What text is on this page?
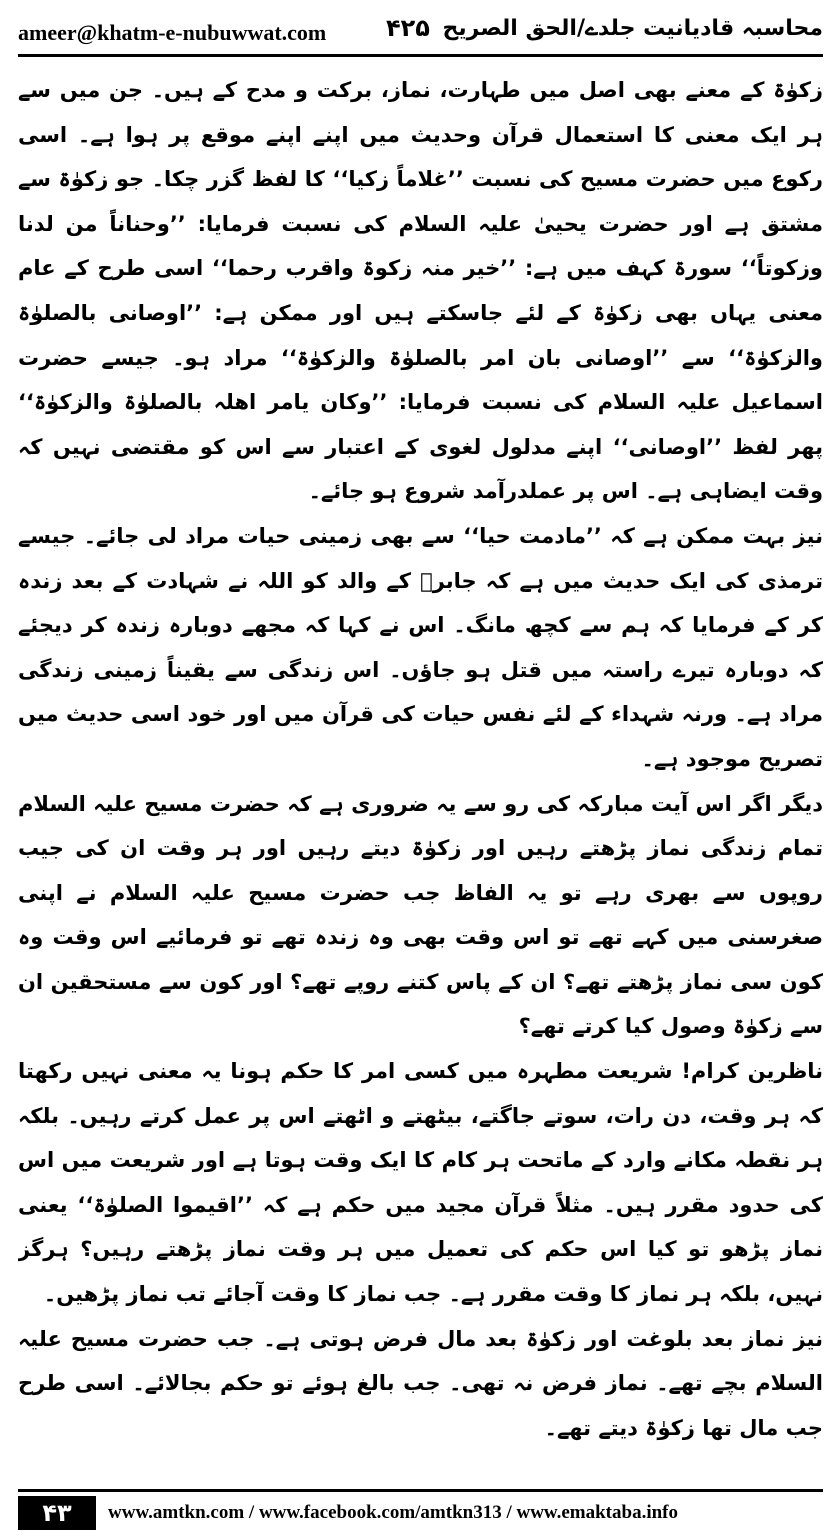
ameer@khatm-e-nubuwwat.com ۴۲۵ محاسبہ قادیانیت جلدے/الحق الصریح

زکوٰۃ کے معنے بھی اصل میں طہارت، نماز، برکت و مدح کے ہیں۔ جن میں سے ہر ایک معنی کا استعمال قرآن وحدیث میں اپنے اپنے موقع پر ہوا ہے۔ اسی رکوع میں حضرت مسیح کی نسبت ’’غلاماً زکیا‘‘ کا لفظ گزر چکا۔ جو زکوٰۃ سے مشتق ہے اور حضرت یحییٰ علیہ السلام کی نسبت فرمایا: ’’وحناناً من لدنا وزکوتاً‘‘ سورۃ کہف میں ہے: ’’خیر منہ زکوۃ واقرب رحما‘‘ اسی طرح کے عام معنی یہاں بھی زکوٰۃ کے لئے جاسکتے ہیں اور ممکن ہے: ’’اوصانی بالصلوٰۃ والزکوٰۃ‘‘ سے ’’اوصانی بان امر بالصلوٰۃ والزکوٰۃ‘‘ مراد ہو۔ جیسے حضرت اسماعیل علیہ السلام کی نسبت فرمایا: ’’وکان یامر اھلہ بالصلوٰۃ والزکوٰۃ‘‘ پھر لفظ ’’اوصانی‘‘ اپنے مدلول لغوی کے اعتبار سے اس کو مقتضی نہیں کہ وقت ایضاہی ہے۔ اس پر عملدرآمد شروع ہو جائے۔

نیز بہت ممکن ہے کہ ’’مادمت حیا‘‘ سے بھی زمینی حیات مراد لی جائے۔ جیسے ترمذی کی ایک حدیث میں ہے کہ جابرؓ کے والد کو اللہ نے شہادت کے بعد زندہ کر کے فرمایا کہ ہم سے کچھ مانگ۔ اس نے کہا کہ مجھے دوبارہ زندہ کر دیجئے کہ دوبارہ تیرے راستہ میں قتل ہو جاؤں۔ اس زندگی سے یقیناً زمینی زندگی مراد ہے۔ ورنہ شہداء کے لئے نفس حیات کی قرآن میں اور خود اسی حدیث میں تصریح موجود ہے۔

دیگر اگر اس آیت مبارکہ کی رو سے یہ ضروری ہے کہ حضرت مسیح علیہ السلام تمام زندگی نماز پڑھتے رہیں اور زکوٰۃ دیتے رہیں اور ہر وقت ان کی جیب روپوں سے بھری رہے تو یہ الفاظ جب حضرت مسیح علیہ السلام نے اپنی صغرسنی میں کہے تھے تو اس وقت بھی وہ زندہ تھے تو فرمائیے اس وقت وہ کون سی نماز پڑھتے تھے؟ ان کے پاس کتنے روپے تھے؟ اور کون سے مستحقین ان سے زکوٰۃ وصول کیا کرتے تھے؟

ناظرین کرام! شریعت مطہرہ میں کسی امر کا حکم ہونا یہ معنی نہیں رکھتا کہ ہر وقت، دن رات، سوتے جاگتے، بیٹھتے و اٹھتے اس پر عمل کرتے رہیں۔ بلکہ ہر نقطہ مکانے وارد کے ماتحت ہر کام کا ایک وقت ہوتا ہے اور شریعت میں اس کی حدود مقرر ہیں۔ مثلاً قرآن مجید میں حکم ہے کہ ’’اقیموا الصلوٰۃ‘‘ یعنی نماز پڑھو تو کیا اس حکم کی تعمیل میں ہر وقت نماز پڑھتے رہیں؟ ہرگز نہیں، بلکہ ہر نماز کا وقت مقرر ہے۔ جب نماز کا وقت آجائے تب نماز پڑھیں۔

نیز نماز بعد بلوغت اور زکوٰۃ بعد مال فرض ہوتی ہے۔ جب حضرت مسیح علیہ السلام بچے تھے۔ نماز فرض نہ تھی۔ جب بالغ ہوئے تو حکم بجالائے۔ اسی طرح جب مال تھا زکوٰۃ دیتے تھے۔

۴۳	www.amtkn.com / www.facebook.com/amtkn313 / www.emaktaba.info
